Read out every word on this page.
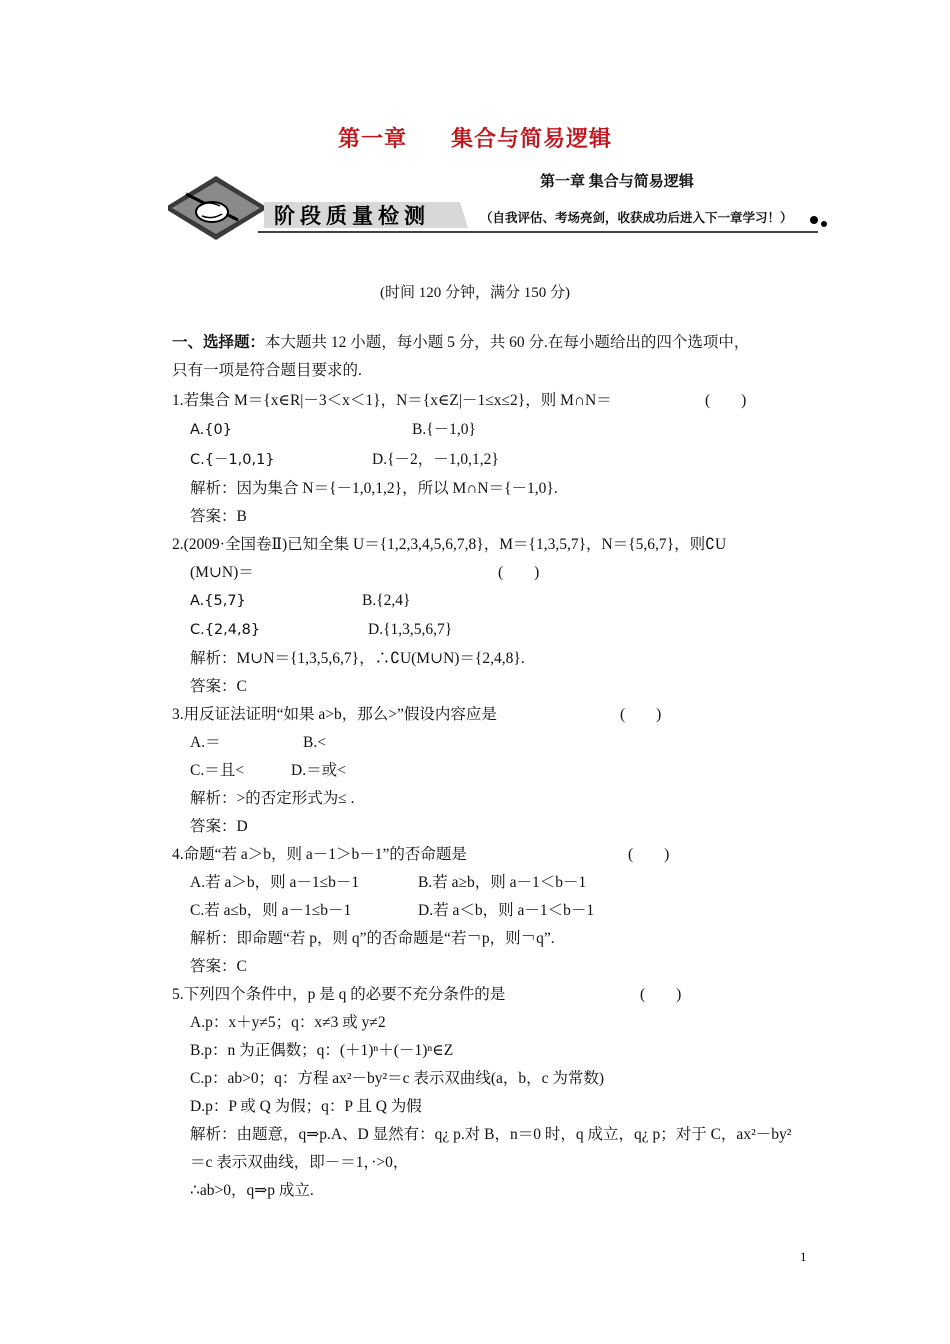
第一章 集合与简易逻辑
第一章 集合与简易逻辑
阶段质量检测	（自我评估、考场亮剑，收获成功后进入下一章学习！）
(时间 120 分钟，满分 150 分)
一、选择题：本大题共 12 小题，每小题 5 分，共 60 分.在每小题给出的四个选项中，
只有一项是符合题目要求的.
1.若集合 M＝{x∈R|－3＜x＜1}，N＝{x∈Z|－1≤x≤2}，则 M∩N＝	(　　)
A.{0}	B.{－1,0}
C.{－1,0,1}	D.{－2，－1,0,1,2}
解析：因为集合 N＝{－1,0,1,2}，所以 M∩N＝{－1,0}.
答案：B
2.(2009·全国卷Ⅱ)已知全集 U＝{1,2,3,4,5,6,7,8}，M＝{1,3,5,7}，N＝{5,6,7}，则∁U
(M∪N)＝	(　　)
A.{5,7}	B.{2,4}
C.{2,4,8}	D.{1,3,5,6,7}
解析：M∪N＝{1,3,5,6,7}，∴∁U(M∪N)＝{2,4,8}.
答案：C
3.用反证法证明“如果 a>b，那么>”假设内容应是	(　　)
A.＝	B.<
C.＝且<	D.＝或<
解析：>的否定形式为≤ .
答案：D
4.命题“若 a＞b，则 a－1＞b－1”的否命题是	(　　)
A.若 a＞b，则 a－1≤b－1	B.若 a≥b，则 a－1＜b－1
C.若 a≤b，则 a－1≤b－1	D.若 a＜b，则 a－1＜b－1
解析：即命题“若 p，则 q”的否命题是“若￢p，则￢q”.
答案：C
5.下列四个条件中，p 是 q 的必要不充分条件的是	(　　)
A.p：x＋y≠5；q：x≠3 或 y≠2
B.p：n 为正偶数；q：(＋1)ⁿ＋(－1)ⁿ∈Z
C.p：ab>0；q：方程 ax²－by²＝c 表示双曲线(a，b，c 为常数)
D.p：P 或 Q 为假；q：P 且 Q 为假
解析：由题意，q⇒p.A、D 显然有：q¿ p.对 B，n＝0 时，q 成立，q¿ p；对于 C，ax²－by²
＝c 表示双曲线，即－＝1，·>0，
∴ab>0，q⇒p 成立.
1
